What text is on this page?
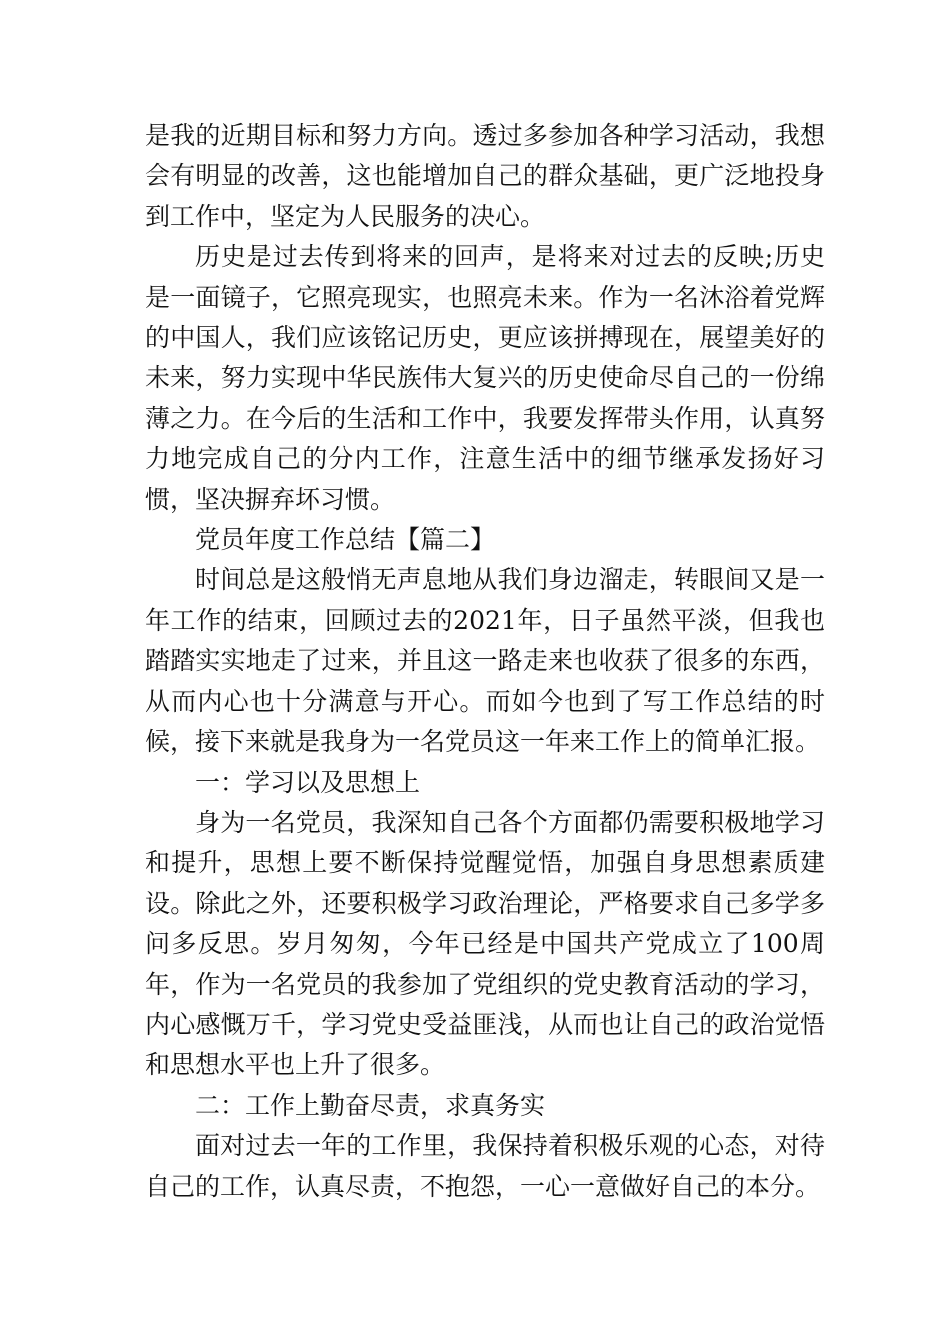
是我的近期目标和努力方向。透过多参加各种学习活动，我想会有明显的改善，这也能增加自己的群众基础，更广泛地投身到工作中，坚定为人民服务的决心。

历史是过去传到将来的回声，是将来对过去的反映;历史是一面镜子，它照亮现实，也照亮未来。作为一名沐浴着党辉的中国人，我们应该铭记历史，更应该拼搏现在，展望美好的未来，努力实现中华民族伟大复兴的历史使命尽自己的一份绵薄之力。在今后的生活和工作中，我要发挥带头作用，认真努力地完成自己的分内工作，注意生活中的细节继承发扬好习惯，坚决摒弃坏习惯。

党员年度工作总结【篇二】

时间总是这般悄无声息地从我们身边溜走，转眼间又是一年工作的结束，回顾过去的2021年，日子虽然平淡，但我也踏踏实实地走了过来，并且这一路走来也收获了很多的东西，从而内心也十分满意与开心。而如今也到了写工作总结的时候，接下来就是我身为一名党员这一年来工作上的简单汇报。

一：学习以及思想上

身为一名党员，我深知自己各个方面都仍需要积极地学习和提升，思想上要不断保持觉醒觉悟，加强自身思想素质建设。除此之外，还要积极学习政治理论，严格要求自己多学多问多反思。岁月匆匆，今年已经是中国共产党成立了100周年，作为一名党员的我参加了党组织的党史教育活动的学习，内心感慨万千，学习党史受益匪浅，从而也让自己的政治觉悟和思想水平也上升了很多。

二：工作上勤奋尽责，求真务实

面对过去一年的工作里，我保持着积极乐观的心态，对待自己的工作，认真尽责，不抱怨，一心一意做好自己的本分。
